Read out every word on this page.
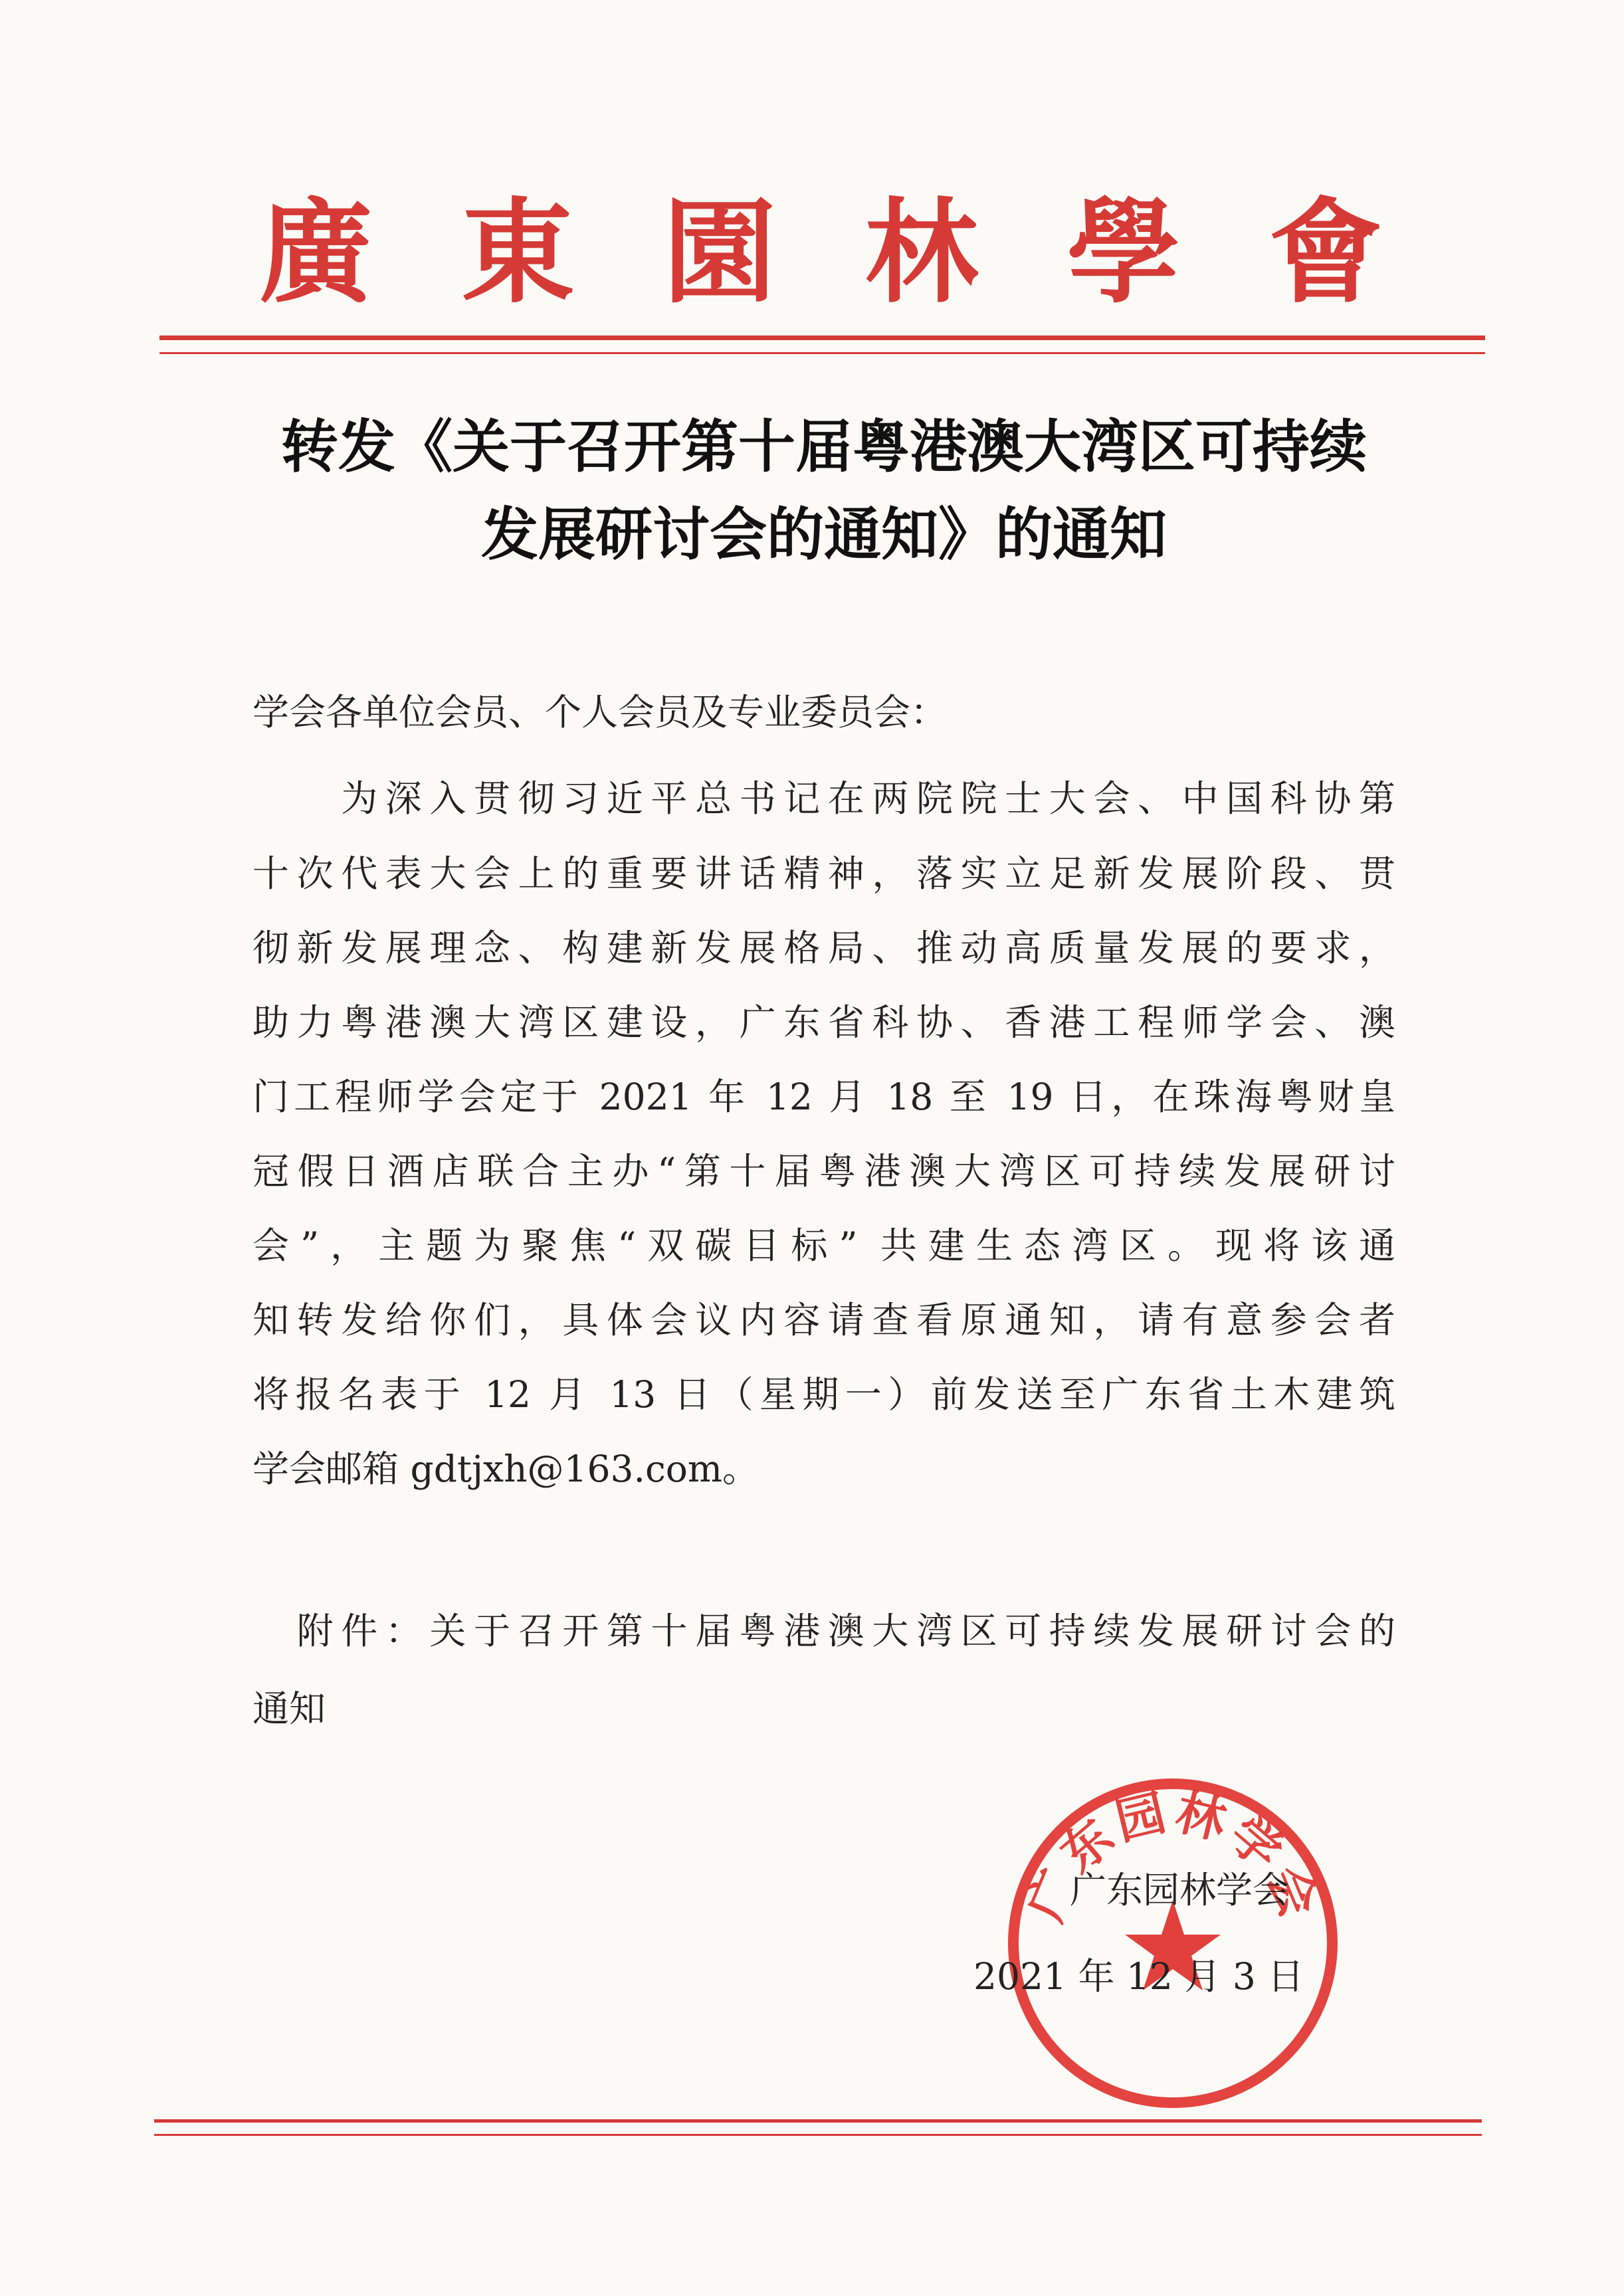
廣 東 園 林 學 會
转发《关于召开第十届粤港澳大湾区可持续
发展研讨会的通知》的通知
学会各单位会员、个人会员及专业委员会：
　　为深入贯彻习近平总书记在两院院士大会、中国科协第
十次代表大会上的重要讲话精神，落实立足新发展阶段、贯
彻新发展理念、构建新发展格局、推动高质量发展的要求，
助力粤港澳大湾区建设，广东省科协、香港工程师学会、澳
门工程师学会定于 2021 年 12 月 18 至 19 日，在珠海粤财皇
冠假日酒店联合主办“第十届粤港澳大湾区可持续发展研讨
会”，主题为聚焦“双碳目标” 共建生态湾区。现将该通
知转发给你们，具体会议内容请查看原通知，请有意参会者
将报名表于 12 月 13 日（星期一）前发送至广东省土木建筑
学会邮箱 gdtjxh@163.com。
　附件：关于召开第十届粤港澳大湾区可持续发展研讨会的
通知
广东园林学会
广东园林学会
2021 年 12 月 3 日
